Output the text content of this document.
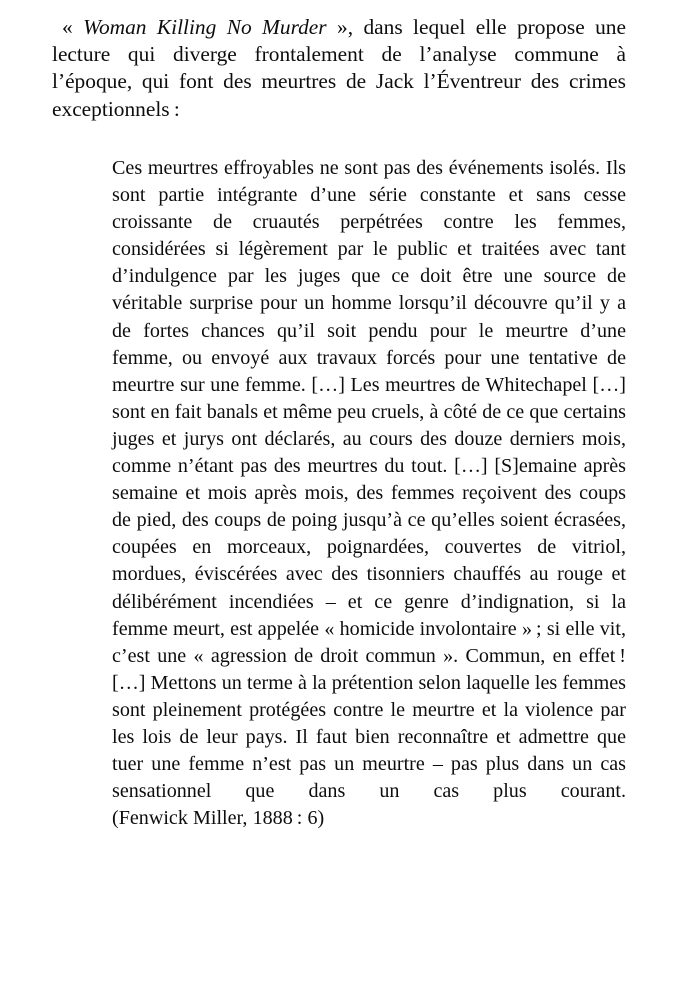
« Woman Killing No Murder », dans lequel elle propose une lecture qui diverge frontalement de l’analyse commune à l’époque, qui font des meurtres de Jack l’Éventreur des crimes exceptionnels :

Ces meurtres effroyables ne sont pas des événements isolés. Ils sont partie intégrante d’une série constante et sans cesse croissante de cruautés perpétrées contre les femmes, considérées si légèrement par le public et traitées avec tant d’indulgence par les juges que ce doit être une source de véritable surprise pour un homme lorsqu’il découvre qu’il y a de fortes chances qu’il soit pendu pour le meurtre d’une femme, ou envoyé aux travaux forcés pour une tentative de meurtre sur une femme. […] Les meurtres de Whitechapel […] sont en fait banals et même peu cruels, à côté de ce que certains juges et jurys ont déclarés, au cours des douze derniers mois, comme n’étant pas des meurtres du tout. […] [S]emaine après semaine et mois après mois, des femmes reçoivent des coups de pied, des coups de poing jusqu’à ce qu’elles soient écrasées, coupées en morceaux, poignardées, couvertes de vitriol, mordues, éviscérées avec des tisonniers chauffés au rouge et délibérément incendiées – et ce genre d’indignation, si la femme meurt, est appelée « homicide involontaire » ; si elle vit, c’est une « agression de droit commun ». Commun, en effet ! […] Mettons un terme à la prétention selon laquelle les femmes sont pleinement protégées contre le meurtre et la violence par les lois de leur pays. Il faut bien reconnaître et admettre que tuer une femme n’est pas un meurtre – pas plus dans un cas sensationnel que dans un cas plus courant. (Fenwick Miller, 1888 : 6)
